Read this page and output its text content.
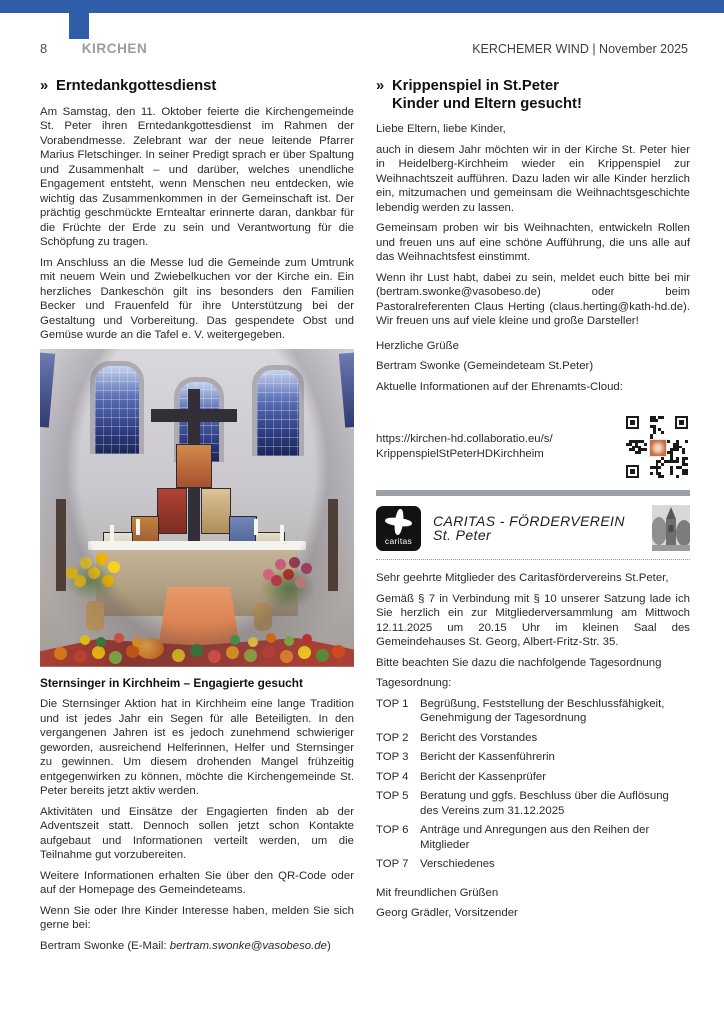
8	KIRCHEN	KERCHEMER WIND | November 2025
» Erntedankgottesdienst

Am Samstag, den 11. Oktober feierte die Kirchengemeinde St. Peter ihren Erntedankgottesdienst im Rahmen der Vorabendmesse. Zelebrant war der neue leitende Pfarrer Marius Fletschinger. In seiner Predigt sprach er über Spaltung und Zusammenhalt – und darüber, welches unendliche Engagement entsteht, wenn Menschen neu entdecken, wie wichtig das Zusammenkommen in der Gemeinschaft ist. Der prächtig geschmückte Erntealtar erinnerte daran, dankbar für die Früchte der Erde zu sein und Verantwortung für die Schöpfung zu tragen.

Im Anschluss an die Messe lud die Gemeinde zum Umtrunk mit neuem Wein und Zwiebelkuchen vor der Kirche ein. Ein herzliches Dankeschön gilt ins besonders den Familien Becker und Frauenfeld für ihre Unterstützung bei der Gestaltung und Vorbereitung. Das gespendete Obst und Gemüse wurde an die Tafel e. V. weitergegeben.

Sternsinger in Kirchheim – Engagierte gesucht

Die Sternsinger Aktion hat in Kirchheim eine lange Tradition und ist jedes Jahr ein Segen für alle Beteiligten. In den vergangenen Jahren ist es jedoch zunehmend schwieriger geworden, ausreichend Helferinnen, Helfer und Sternsinger zu gewinnen. Um diesem drohenden Mangel frühzeitig entgegenwirken zu können, möchte die Kirchengemeinde St. Peter bereits jetzt aktiv werden.

Aktivitäten und Einsätze der Engagierten finden ab der Adventszeit statt. Dennoch sollen jetzt schon Kontakte aufgebaut und Informationen verteilt werden, um die Teilnahme gut vorzubereiten.

Weitere Informationen erhalten Sie über den QR-Code oder auf der Homepage des Gemeindeteams.

Wenn Sie oder Ihre Kinder Interesse haben, melden Sie sich gerne bei:

Bertram Swonke (E-Mail: bertram.swonke@vasobeso.de)

» Krippenspiel in St.Peter
Kinder und Eltern gesucht!

Liebe Eltern, liebe Kinder,

auch in diesem Jahr möchten wir in der Kirche St. Peter hier in Heidelberg-Kirchheim wieder ein Krippenspiel zur Weihnachtszeit aufführen. Dazu laden wir alle Kinder herzlich ein, mitzumachen und gemeinsam die Weihnachtsgeschichte lebendig werden zu lassen.

Gemeinsam proben wir bis Weihnachten, entwickeln Rollen und freuen uns auf eine schöne Aufführung, die uns alle auf das Weihnachtsfest einstimmt.

Wenn ihr Lust habt, dabei zu sein, meldet euch bitte bei mir (bertram.swonke@vasobeso.de) oder beim Pastoralreferenten Claus Herting (claus.herting@kath-hd.de). Wir freuen uns auf viele kleine und große Darsteller!

Herzliche Grüße
Bertram Swonke (Gemeindeteam St.Peter)
Aktuelle Informationen auf der Ehrenamts-Cloud:
https://kirchen-hd.collaboratio.eu/s/
KrippenspielStPeterHDKirchheim
caritas
CARITAS - FÖRDERVEREIN St. Peter

Sehr geehrte Mitglieder des Caritasfördervereins St.Peter,

Gemäß § 7 in Verbindung mit § 10 unserer Satzung lade ich Sie herzlich ein zur Mitgliederversammlung am Mittwoch 12.11.2025 um 20.15 Uhr im kleinen Saal des Gemeindehauses St. Georg, Albert-Fritz-Str. 35.

Bitte beachten Sie dazu die nachfolgende Tagesordnung

Tagesordnung:

TOP 1	Begrüßung, Feststellung der Beschlussfähigkeit, Genehmigung der Tagesordnung
TOP 2	Bericht des Vorstandes
TOP 3	Bericht der Kassenführerin
TOP 4	Bericht der Kassenprüfer
TOP 5	Beratung und ggfs. Beschluss über die Auflösung des Vereins zum 31.12.2025
TOP 6	Anträge und Anregungen aus den Reihen der Mitglieder
TOP 7	Verschiedenes
Mit freundlichen Grüßen
Georg Grädler, Vorsitzender
